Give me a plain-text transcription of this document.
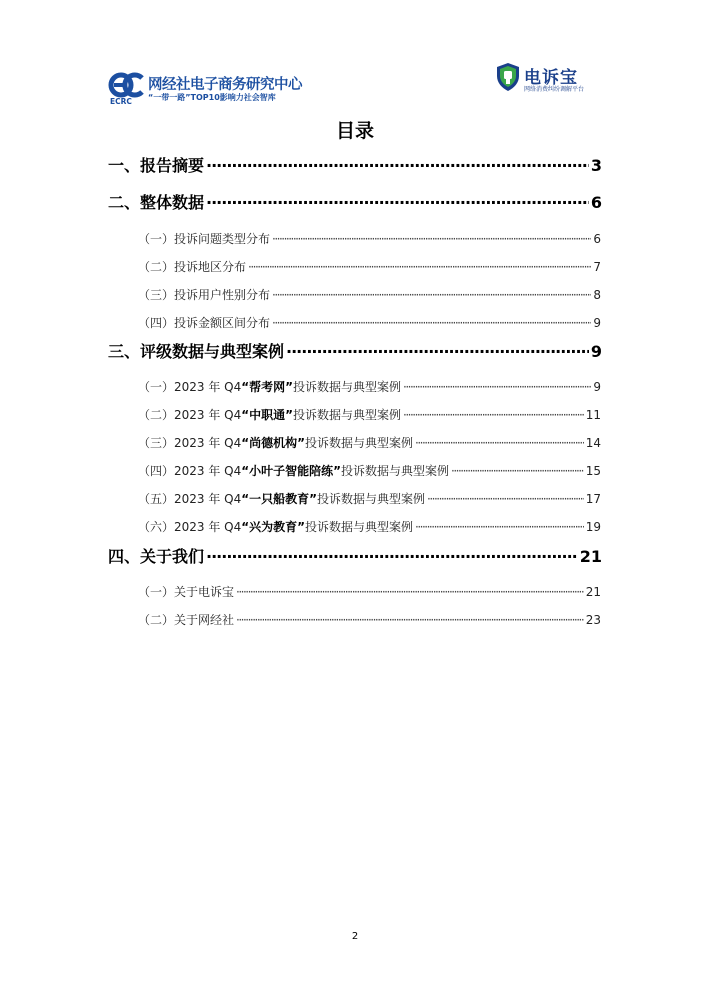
ECRC
网经社电子商务研究中心
“一带一路”TOP10影响力社会智库
电诉宝
网络消费纠纷调解平台
目录
一、报告摘要 ·····	3
二、整体数据 ·····	6
（一）投诉问题类型分布 ·····	6
（二）投诉地区分布 ·····	7
（三）投诉用户性别分布 ·····	8
（四）投诉金额区间分布 ·····	9
三、评级数据与典型案例 ·····	9
（一）2023 年 Q4“帮考网”投诉数据与典型案例 ·····	9
（二）2023 年 Q4“中职通”投诉数据与典型案例 ·····	11
（三）2023 年 Q4“尚德机构”投诉数据与典型案例 ·····	14
（四）2023 年 Q4“小叶子智能陪练”投诉数据与典型案例 ·····	15
（五）2023 年 Q4“一只船教育”投诉数据与典型案例 ·····	17
（六）2023 年 Q4“兴为教育”投诉数据与典型案例 ·····	19
四、关于我们 ·····	21
（一）关于电诉宝 ·····	21
（二）关于网经社 ·····	23
2
